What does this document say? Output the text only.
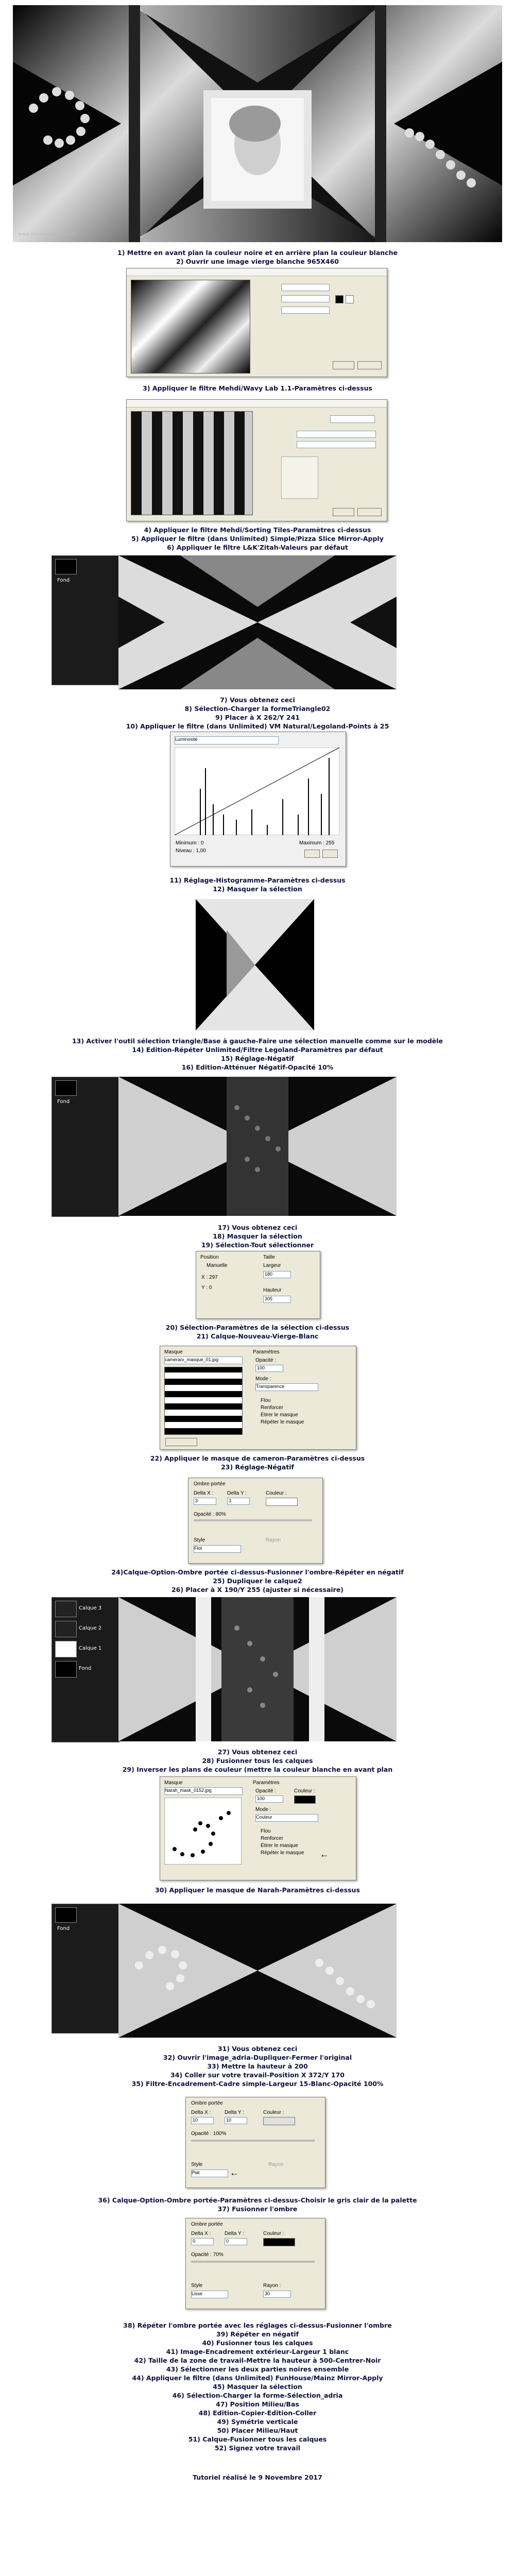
www.shezilyscgraphics.fr
1) Mettre en avant plan la couleur noire et en arrière plan la couleur blanche
2) Ouvrir une image vierge blanche 965X460
3) Appliquer le filtre Mehdi/Wavy Lab 1.1-Paramètres ci-dessus
4) Appliquer le filtre Mehdi/Sorting Tiles-Paramètres ci-dessus
5) Appliquer le filtre (dans Unlimited) Simple/Pizza Slice Mirror-Apply
6) Appliquer le filtre L&K'Zitah-Valeurs par défaut
Fond
7) Vous obtenez ceci
8) Sélection-Charger la formeTriangle02
9) Placer à X 262/Y 241
10) Appliquer le filtre (dans Unlimited) VM Natural/Legoland-Points à 25
Luminosité
Minimum : 0
Niveau : 1,00
Maximum : 255
11) Réglage-Histogramme-Paramètres ci-dessus
12) Masquer la sélection
13) Activer l'outil sélection triangle/Base à gauche-Faire une sélection manuelle comme sur le modèle
14) Edition-Répéter Unlimited/Filtre Legoland-Paramètres par défaut
15) Réglage-Négatif
16) Edition-Atténuer Négatif-Opacité 10%
Fond
17) Vous obtenez ceci
18) Masquer la sélection
19) Sélection-Tout sélectionner
Position
Manuelle
X : 297
Y : 0
Taille
Largeur
180
Hauteur
305
20) Sélection-Paramètres de la sélection ci-dessus
21) Calque-Nouveau-Vierge-Blanc
Masque
camerarv_masque_01.jpg
Paramètres
Opacité :
100
Mode :
Transparence
Flou
Renforcer
Étirer le masque
Répéter le masque
22) Appliquer le masque de cameron-Paramètres ci-dessus
23) Réglage-Négatif
Ombre portée
Delta X :
3
Delta Y :
3
Couleur :
Opacité : 80%
Style
Flot
Rayon
24)Calque-Option-Ombre portée ci-dessus-Fusionner l'ombre-Répéter en négatif
25) Dupliquer le calque2
26) Placer à X 190/Y 255 (ajuster si nécessaire)
Calque 3
Calque 2
Calque 1
Fond
27) Vous obtenez ceci
28) Fusionner tous les calques
29) Inverser les plans de couleur (mettre la couleur blanche en avant plan
Masque
Narah_mask_0152.jpg
Paramètres
Opacité :
100
Couleur :
Mode :
Couleur
Flou
Renforcer
Étirer le masque
Répéter le masque ←
30) Appliquer le masque de Narah-Paramètres ci-dessus
Fond
31) Vous obtenez ceci
32) Ouvrir l'image_adria-Dupliquer-Fermer l'original
33) Mettre la hauteur à 200
34) Coller sur votre travail-Position X 372/Y 170
35) Filtre-Encadrement-Cadre simple-Largeur 15-Blanc-Opacité 100%
Ombre portée
Delta X :
10
Delta Y :
10
Couleur :
Opacité : 100%
Style
Plat	←
Rayon
36) Calque-Option-Ombre portée-Paramètres ci-dessus-Choisir le gris clair de la palette
37) Fusionner l'ombre
Ombre portée
Delta X :
0
Delta Y :
0
Couleur :
Opacité : 70%
Style
Lisse
Rayon :
30
38) Répéter l'ombre portée avec les réglages ci-dessus-Fusionner l'ombre
39) Répéter en négatif
40) Fusionner tous les calques
41) Image-Encadrement extérieur-Largeur 1 blanc
42) Taille de la zone de travail-Mettre la hauteur à 500-Centrer-Noir
43) Sélectionner les deux parties noires ensemble
44) Appliquer le filtre (dans Unlimited) FunHouse/Mainz Mirror-Apply
45) Masquer la sélection
46) Sélection-Charger la forme-Sélection_adria
47) Position Milieu/Bas
48) Edition-Copier-Edition-Coller
49) Symétrie verticale
50) Placer Milieu/Haut
51) Calque-Fusionner tous les calques
52) Signez votre travail
Tutoriel réalisé le 9 Novembre 2017
